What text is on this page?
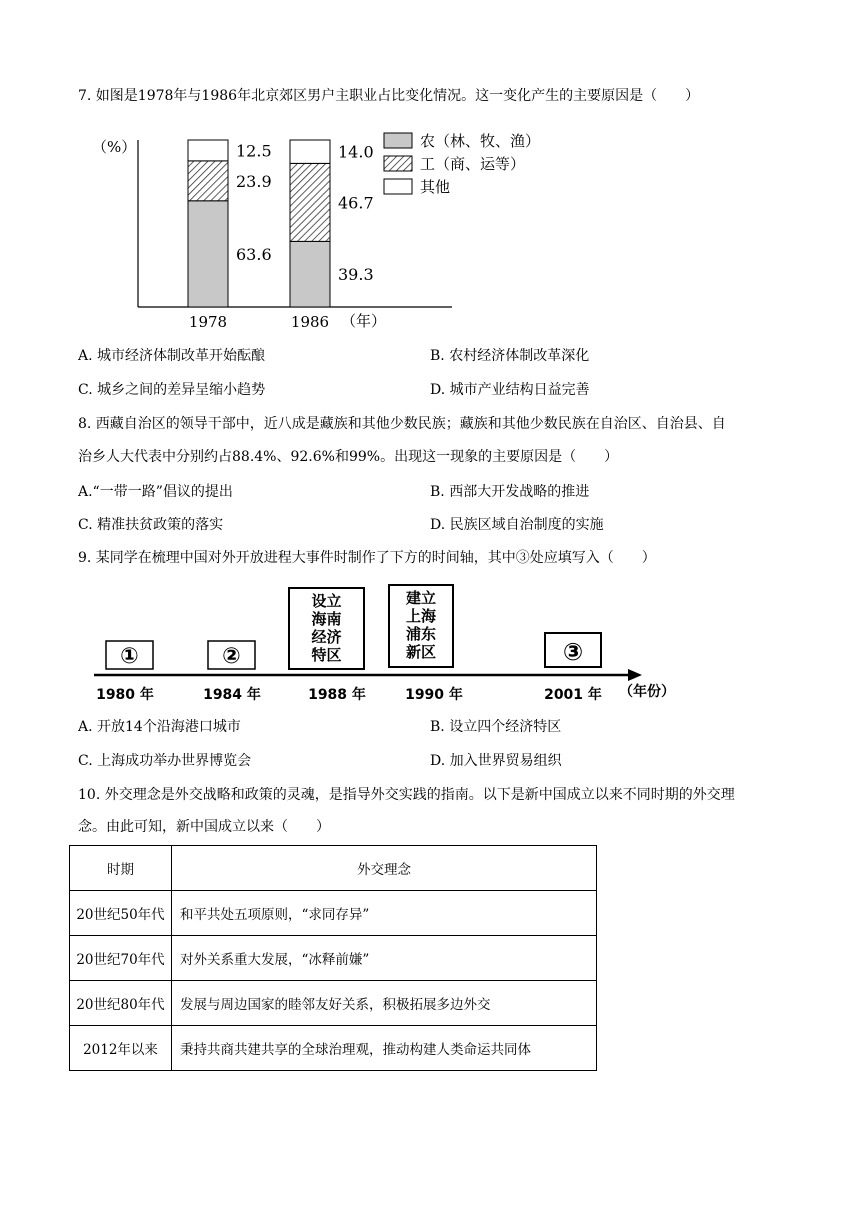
7. 如图是1978年与1986年北京郊区男户主职业占比变化情况。这一变化产生的主要原因是（　　）
（%）
63.6
23.9
12.5
39.3
46.7
14.0
1978	1986 （年）
农（林、牧、渔）
工（商、运等）
其他
A. 城市经济体制改革开始酝酿	B. 农村经济体制改革深化
C. 城乡之间的差异呈缩小趋势	D. 城市产业结构日益完善
8. 西藏自治区的领导干部中，近八成是藏族和其他少数民族；藏族和其他少数民族在自治区、自治县、自
治乡人大代表中分别约占88.4%、92.6%和99%。出现这一现象的主要原因是（　　）
A.“一带一路”倡议的提出	B. 西部大开发战略的推进
C. 精准扶贫政策的落实	D. 民族区域自治制度的实施
9. 某同学在梳理中国对外开放进程大事件时制作了下方的时间轴，其中③处应填写入（　　）
①	②
设立
海南
经济
特区
建立
上海
浦东
新区	③
1980 年	1984 年	1988 年	1990 年	2001 年 （年份）
A. 开放14个沿海港口城市	B. 设立四个经济特区
C. 上海成功举办世界博览会	D. 加入世界贸易组织
10. 外交理念是外交战略和政策的灵魂，是指导外交实践的指南。以下是新中国成立以来不同时期的外交理
念。由此可知，新中国成立以来（　　）
时期	外交理念
20世纪50年代	和平共处五项原则，“求同存异”
20世纪70年代	对外关系重大发展，“冰释前嫌”
20世纪80年代	发展与周边国家的睦邻友好关系，积极拓展多边外交
2012年以来	秉持共商共建共享的全球治理观，推动构建人类命运共同体
